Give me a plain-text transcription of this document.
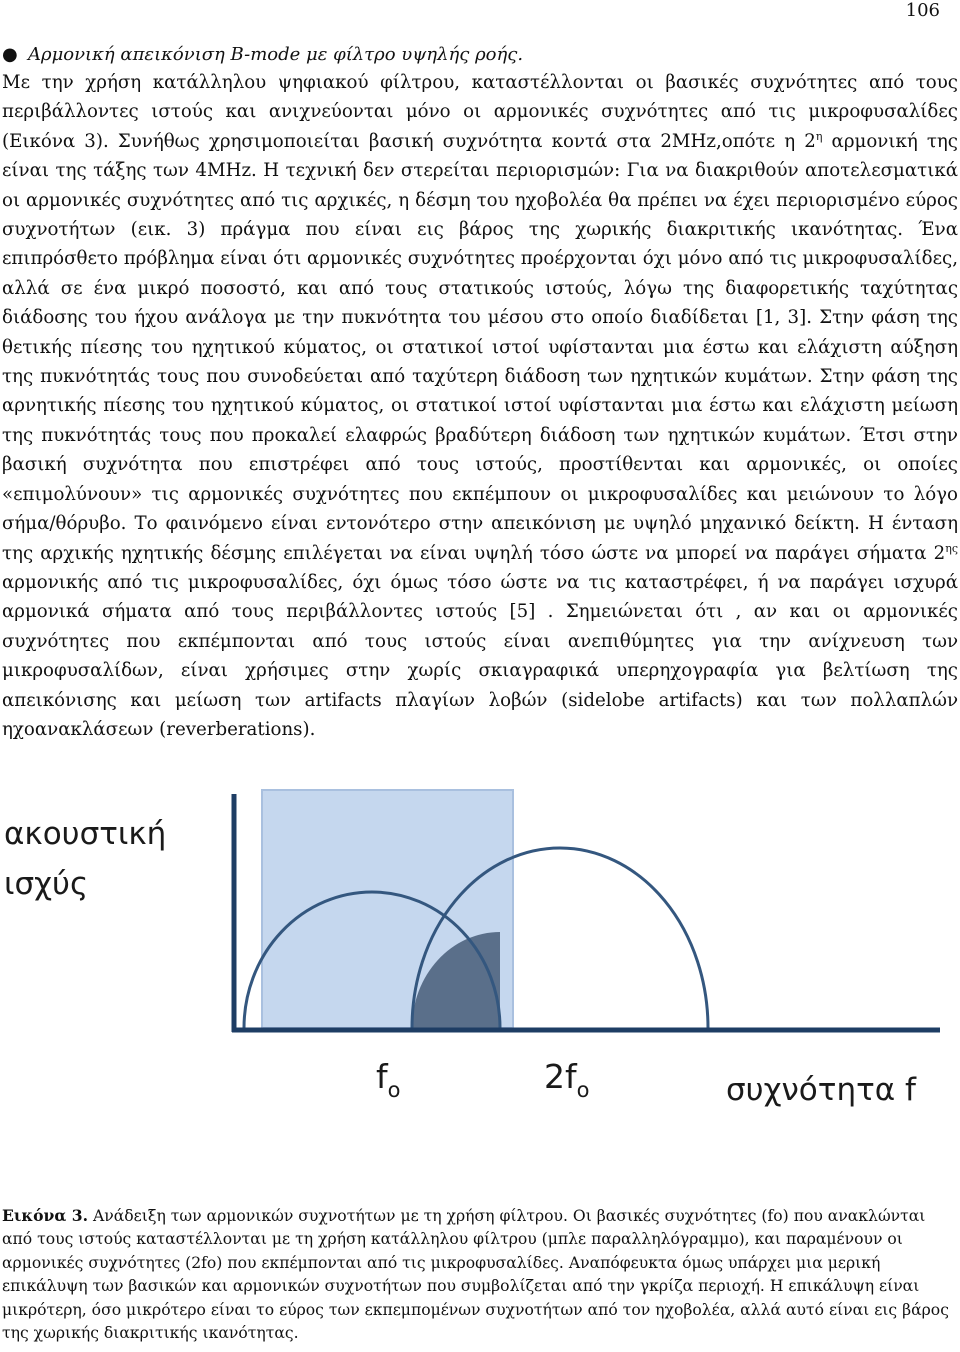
106
● Αρμονική απεικόνιση B-mode με φίλτρο υψηλής ροής.
Με την χρήση κατάλληλου ψηφιακού φίλτρου, καταστέλλονται οι βασικές συχνότητες από τους περιβάλλοντες ιστούς και ανιχνεύονται μόνο οι αρμονικές συχνότητες από τις μικροφυσαλίδες (Εικόνα 3). Συνήθως χρησιμοποιείται βασική συχνότητα κοντά στα 2MHz,οπότε η $2^\eta$ αρμονική της είναι της τάξης των 4MHz. Η τεχνική δεν στερείται περιορισμών: Για να διακριθούν αποτελεσματικά οι αρμονικές συχνότητες από τις αρχικές, η δέσμη του ηχοβολέα θα πρέπει να έχει περιορισμένο εύρος συχνοτήτων (εικ. 3) πράγμα που είναι εις βάρος της χωρικής διακριτικής ικανότητας. Ένα επιπρόσθετο πρόβλημα είναι ότι αρμονικές συχνότητες προέρχονται όχι μόνο από τις μικροφυσαλίδες, αλλά σε ένα μικρό ποσοστό, και από τους στατικούς ιστούς, λόγω της διαφορετικής ταχύτητας διάδοσης του ήχου ανάλογα με την πυκνότητα του μέσου στο οποίο διαδίδεται [1, 3]. Στην φάση της θετικής πίεσης του ηχητικού κύματος, οι στατικοί ιστοί υφίστανται μια έστω και ελάχιστη αύξηση της πυκνότητάς τους που συνοδεύεται από ταχύτερη διάδοση των ηχητικών κυμάτων. Στην φάση της αρνητικής πίεσης του ηχητικού κύματος, οι στατικοί ιστοί υφίστανται μια έστω και ελάχιστη μείωση της πυκνότητάς τους που προκαλεί ελαφρώς βραδύτερη διάδοση των ηχητικών κυμάτων. Έτσι στην βασική συχνότητα που επιστρέφει από τους ιστούς, προστίθενται και αρμονικές, οι οποίες «επιμολύνουν» τις αρμονικές συχνότητες που εκπέμπουν οι μικροφυσαλίδες και μειώνουν το λόγο σήμα/θόρυβο. Το φαινόμενο είναι εντονότερο στην απεικόνιση με υψηλό μηχανικό δείκτη. Η ένταση της αρχικής ηχητικής δέσμης επιλέγεται να είναι υψηλή τόσο ώστε να μπορεί να παράγει σήματα $2^{\eta\varsigma}$ αρμονικής από τις μικροφυσαλίδες, όχι όμως τόσο ώστε να τις καταστρέφει, ή να παράγει ισχυρά αρμονικά σήματα από τους περιβάλλοντες ιστούς [5] . Σημειώνεται ότι , αν και οι αρμονικές συχνότητες που εκπέμπονται από τους ιστούς είναι ανεπιθύμητες για την ανίχνευση των μικροφυσαλίδων, είναι χρήσιμες στην χωρίς σκιαγραφικά υπερηχογραφία για βελτίωση της απεικόνισης και μείωση των artifacts πλαγίων λοβών (sidelobe artifacts) και των πολλαπλών ηχοανακλάσεων (reverberations).
ακουστική
ισχύς
$f_o$	$2f_o$	συχνότητα f
Εικόνα 3. Ανάδειξη των αρμονικών συχνοτήτων με τη χρήση φίλτρου. Οι βασικές συχνότητες (fo) που ανακλώνται από τους ιστούς καταστέλλονται με τη χρήση κατάλληλου φίλτρου (μπλε παραλληλόγραμμο), και παραμένουν οι αρμονικές συχνότητες (2fo) που εκπέμπονται από τις μικροφυσαλίδες. Αναπόφευκτα όμως υπάρχει μια μερική επικάλυψη των βασικών και αρμονικών συχνοτήτων που συμβολίζεται από την γκρίζα περιοχή. Η επικάλυψη είναι μικρότερη, όσο μικρότερο είναι το εύρος των εκπεμπομένων συχνοτήτων από τον ηχοβολέα, αλλά αυτό είναι εις βάρος της χωρικής διακριτικής ικανότητας.
